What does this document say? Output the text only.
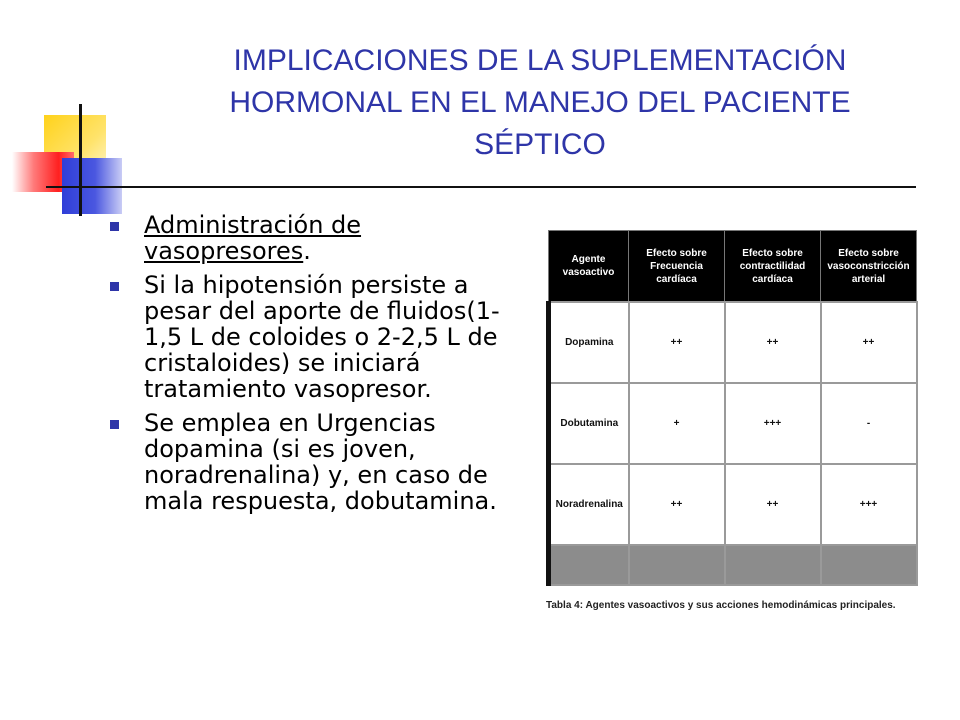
IMPLICACIONES DE LA SUPLEMENTACIÓN HORMONAL EN EL MANEJO DEL PACIENTE SÉPTICO
Administración de vasopresores.
Si la hipotensión persiste a pesar del aporte de fluidos(1-1,5 L de coloides o 2-2,5 L de cristaloides) se iniciará tratamiento vasopresor.
Se emplea en Urgencias dopamina (si es joven, noradrenalina) y, en caso de mala respuesta, dobutamina.
Agente vasoactivo	Efecto sobre Frecuencia cardíaca	Efecto sobre contractilidad cardíaca	Efecto sobre vasoconstricción arterial
Dopamina	++	++	++
Dobutamina	+	+++	-
Noradrenalina	++	++	+++

Tabla 4: Agentes vasoactivos y sus acciones hemodinámicas principales.
